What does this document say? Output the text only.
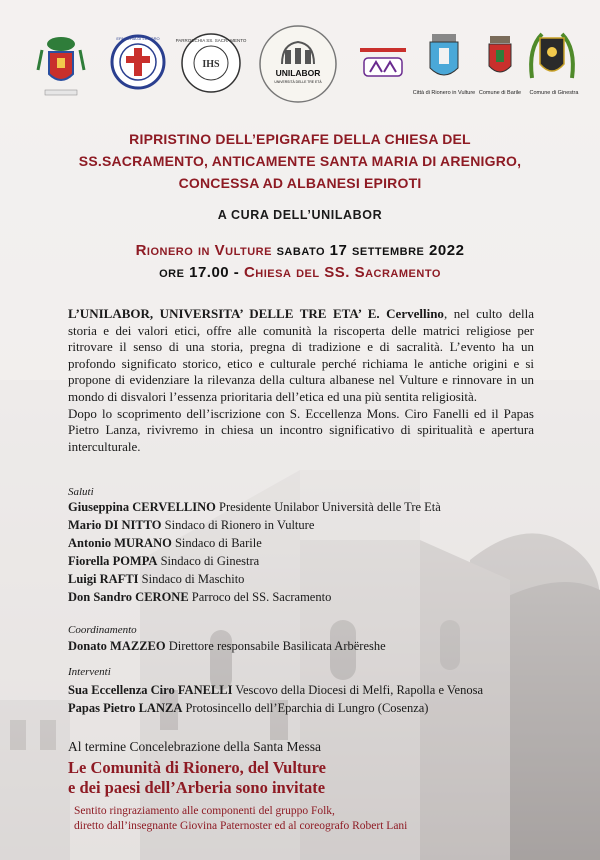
EPARCHIA DI LUNGRO
IHS
PARROCCHIA SS. SACRAMENTO
UNILABOR
UNIVERSITÀ DELLE TRE ETÀ
Città di Rionero in Vulture Comune di Barile	Comune di Ginestra
RIPRISTINO DELL’EPIGRAFE DELLA CHIESA DEL
SS.SACRAMENTO, ANTICAMENTE SANTA MARIA DI ARENIGRO,
CONCESSA AD ALBANESI EPIROTI
A CURA DELL’UNILABOR
Rionero in Vulture sabato 17 settembre 2022
ore 17.00 - Chiesa del SS. Sacramento

L’UNILABOR, UNIVERSITA’ DELLE TRE ETA’ E. Cervellino, nel culto della storia e dei valori etici, offre alle comunità la riscoperta delle matrici religiose per ritrovare il senso di una storia, pregna di tradizione e di sacralità. L’evento ha un profondo significato storico, etico e culturale perché richiama le antiche origini e si propone di evidenziare la rilevanza della cultura albanese nel Vulture e rinnovare in un mondo di disvalori l’essenza prioritaria dell’etica ed una più sentita religiosità.

Dopo lo scoprimento dell’iscrizione con S. Eccellenza Mons. Ciro Fanelli ed il Papas Pietro Lanza, rivivremo in chiesa un incontro significativo di spiritualità e apertura interculturale.

Saluti
Giuseppina CERVELLINO Presidente Unilabor Università delle Tre Età
Mario DI NITTO Sindaco di Rionero in Vulture
Antonio MURANO Sindaco di Barile
Fiorella POMPA Sindaco di Ginestra
Luigi RAFTI Sindaco di Maschito
Don Sandro CERONE Parroco del SS. Sacramento
Coordinamento
Donato MAZZEO Direttore responsabile Basilicata Arbëreshe
Interventi
Sua Eccellenza Ciro FANELLI Vescovo della Diocesi di Melfi, Rapolla e Venosa
Papas Pietro LANZA Protosincello dell’Eparchia di Lungro (Cosenza)
Al termine Concelebrazione della Santa Messa
Le Comunità di Rionero, del Vulture
e dei paesi dell’Arberia sono invitate
Sentito ringraziamento alle componenti del gruppo Folk,
diretto dall’insegnante Giovina Paternoster ed al coreografo Robert Lani
